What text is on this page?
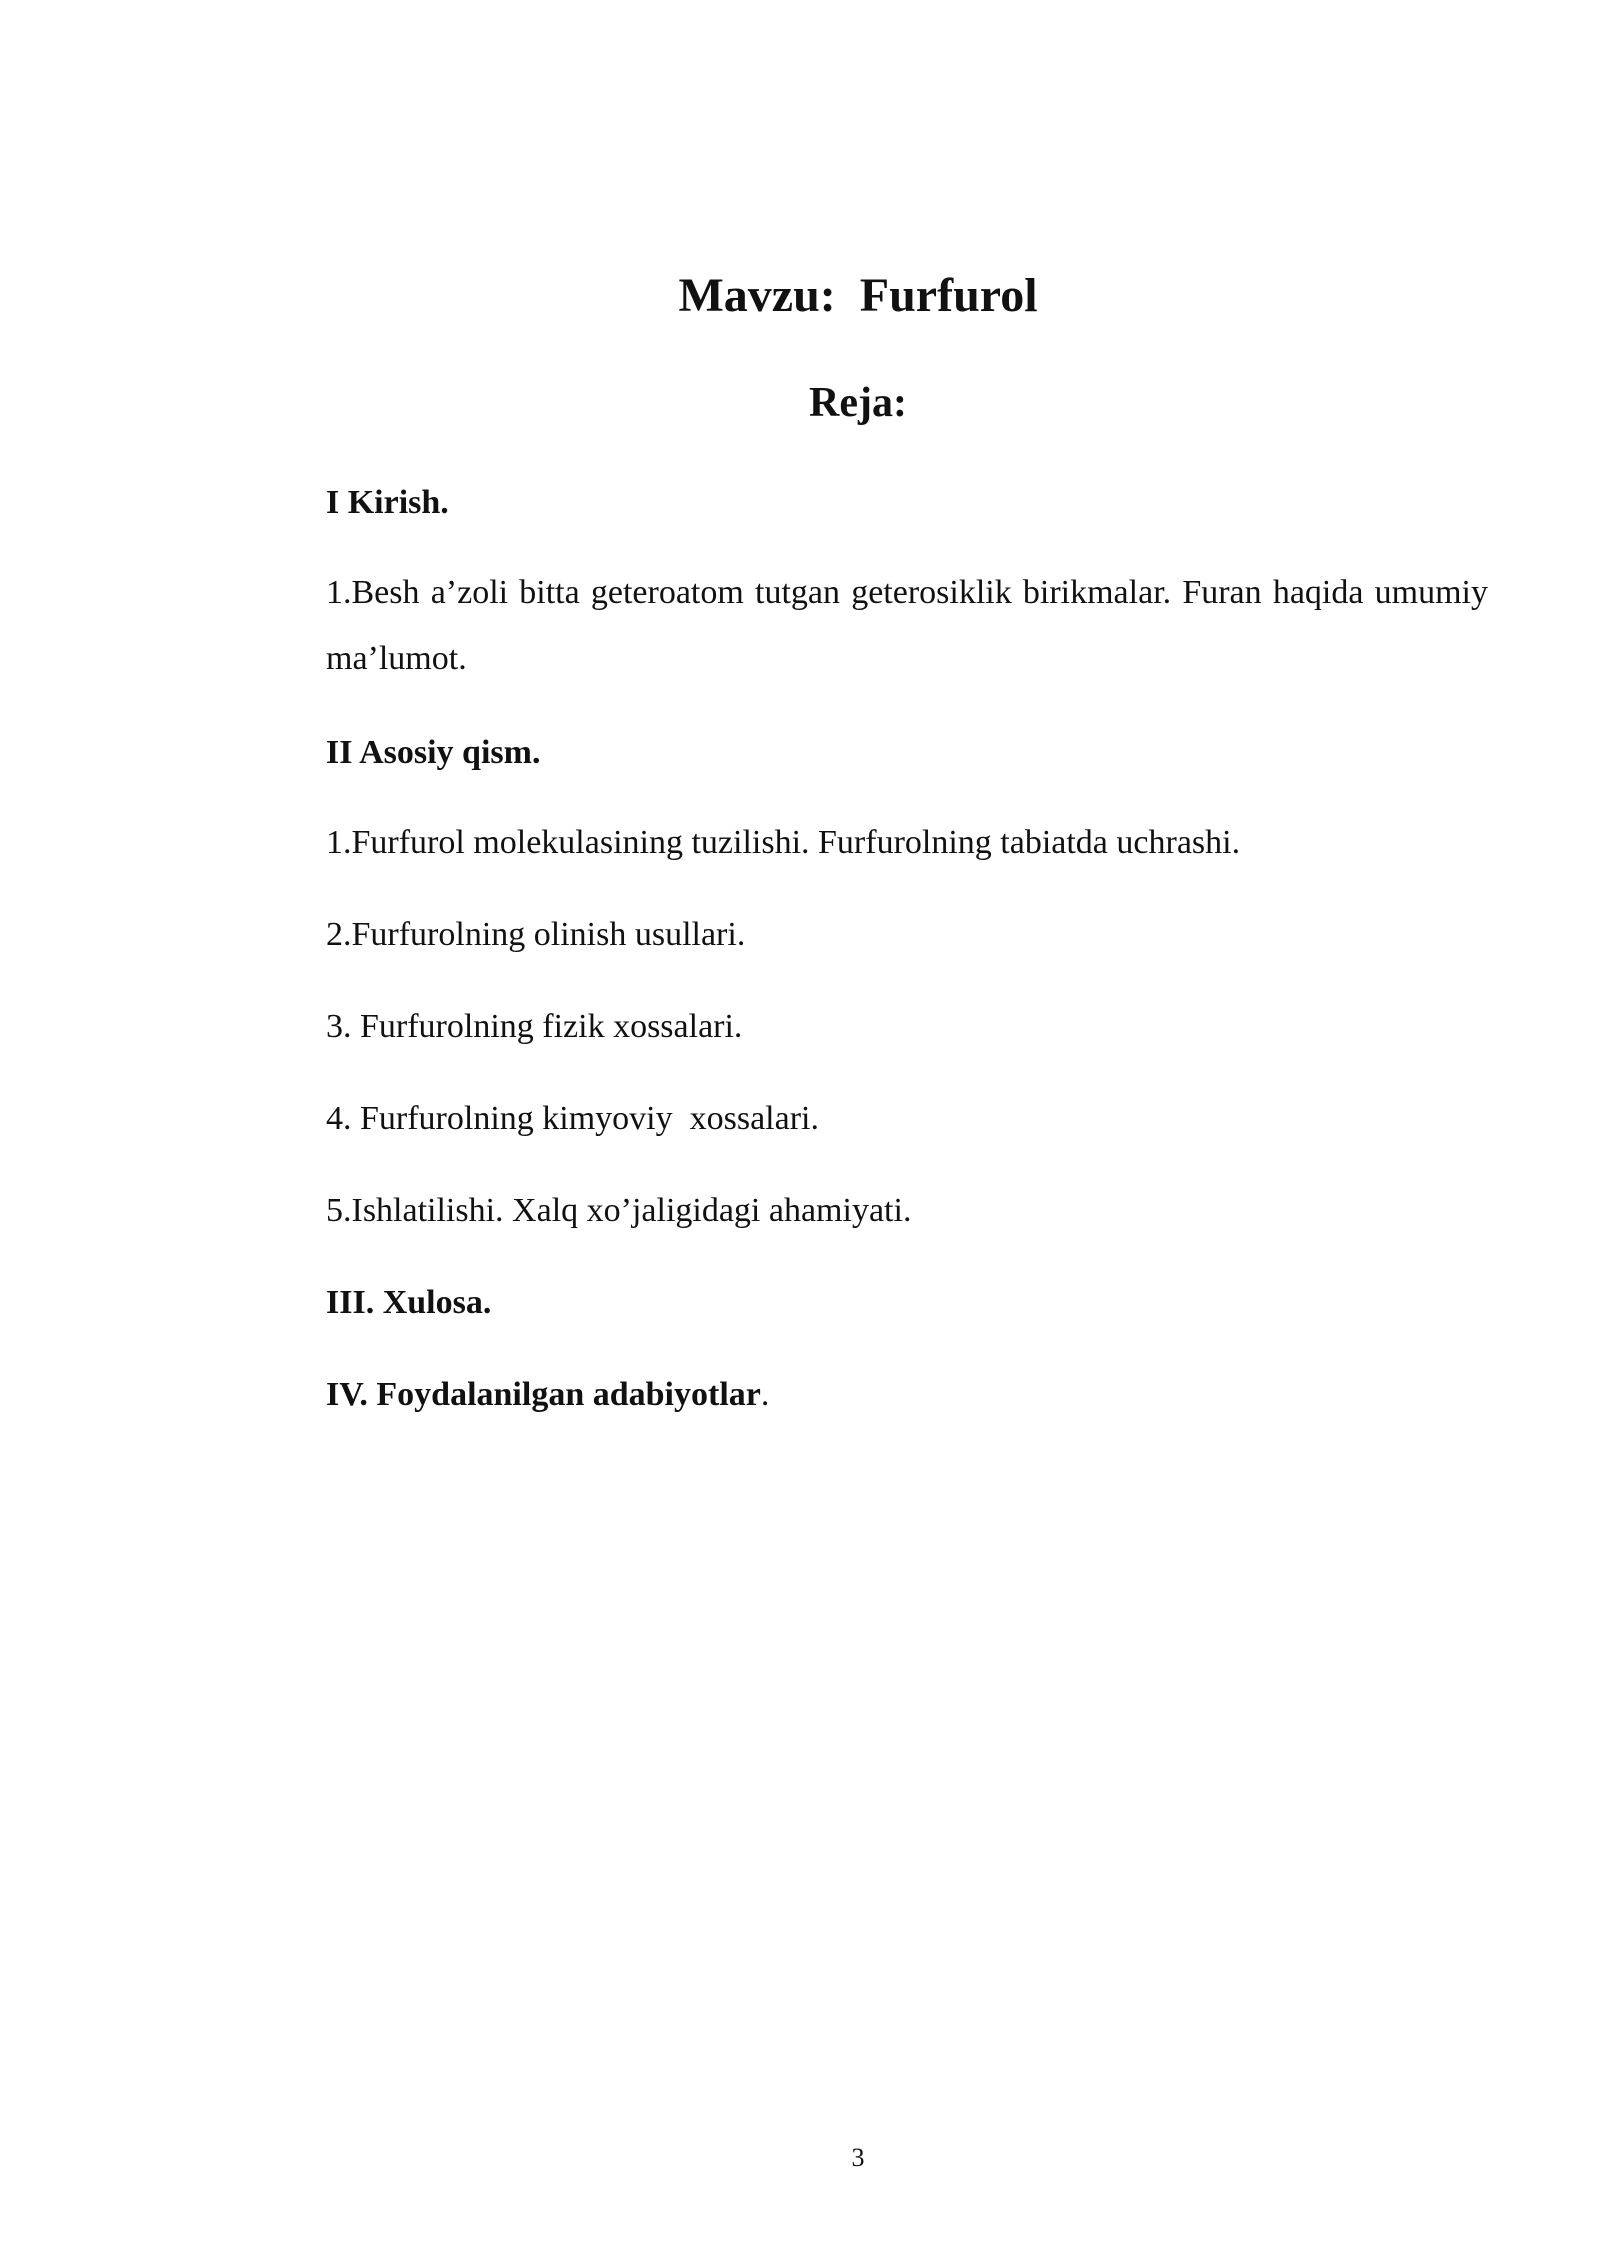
Mavzu:  Furfurol
Reja:
I Kirish.
1.Besh a’zoli bitta geteroatom tutgan geterosiklik birikmalar. Furan haqida umumiy ma’lumot.
II Asosiy qism.
1.Furfurol molekulasining tuzilishi. Furfurolning tabiatda uchrashi.
2.Furfurolning olinish usullari.
3. Furfurolning fizik xossalari.
4. Furfurolning kimyoviy  xossalari.
5.Ishlatilishi. Xalq xo’jaligidagi ahamiyati.
III. Xulosa.
IV. Foydalanilgan adabiyotlar.
3
